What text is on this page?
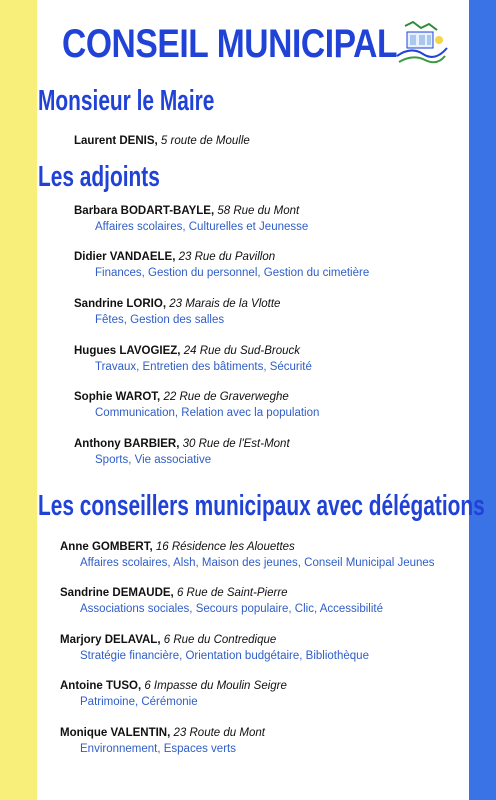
CONSEIL MUNICIPAL
Monsieur le Maire
Laurent DENIS, 5 route de Moulle
Les adjoints
Barbara BODART-BAYLE, 58 Rue du Mont
Affaires scolaires, Culturelles et Jeunesse
Didier VANDAELE, 23 Rue du Pavillon
Finances, Gestion du personnel, Gestion du cimetière
Sandrine LORIO, 23 Marais de la Vlotte
Fêtes, Gestion des salles
Hugues LAVOGIEZ, 24 Rue du Sud-Brouck
Travaux, Entretien des bâtiments, Sécurité
Sophie WAROT, 22 Rue de Graverweghe
Communication, Relation avec la population
Anthony BARBIER, 30 Rue de l'Est-Mont
Sports, Vie associative
Les conseillers municipaux avec délégations
Anne GOMBERT, 16 Résidence les Alouettes
Affaires scolaires, Alsh, Maison des jeunes, Conseil Municipal Jeunes
Sandrine DEMAUDE, 6 Rue de Saint-Pierre
Associations sociales, Secours populaire, Clic, Accessibilité
Marjory DELAVAL, 6 Rue du Contredique
Stratégie financière, Orientation budgétaire, Bibliothèque
Antoine TUSO, 6 Impasse du Moulin Seigre
Patrimoine, Cérémonie
Monique VALENTIN, 23 Route du Mont
Environnement, Espaces verts
